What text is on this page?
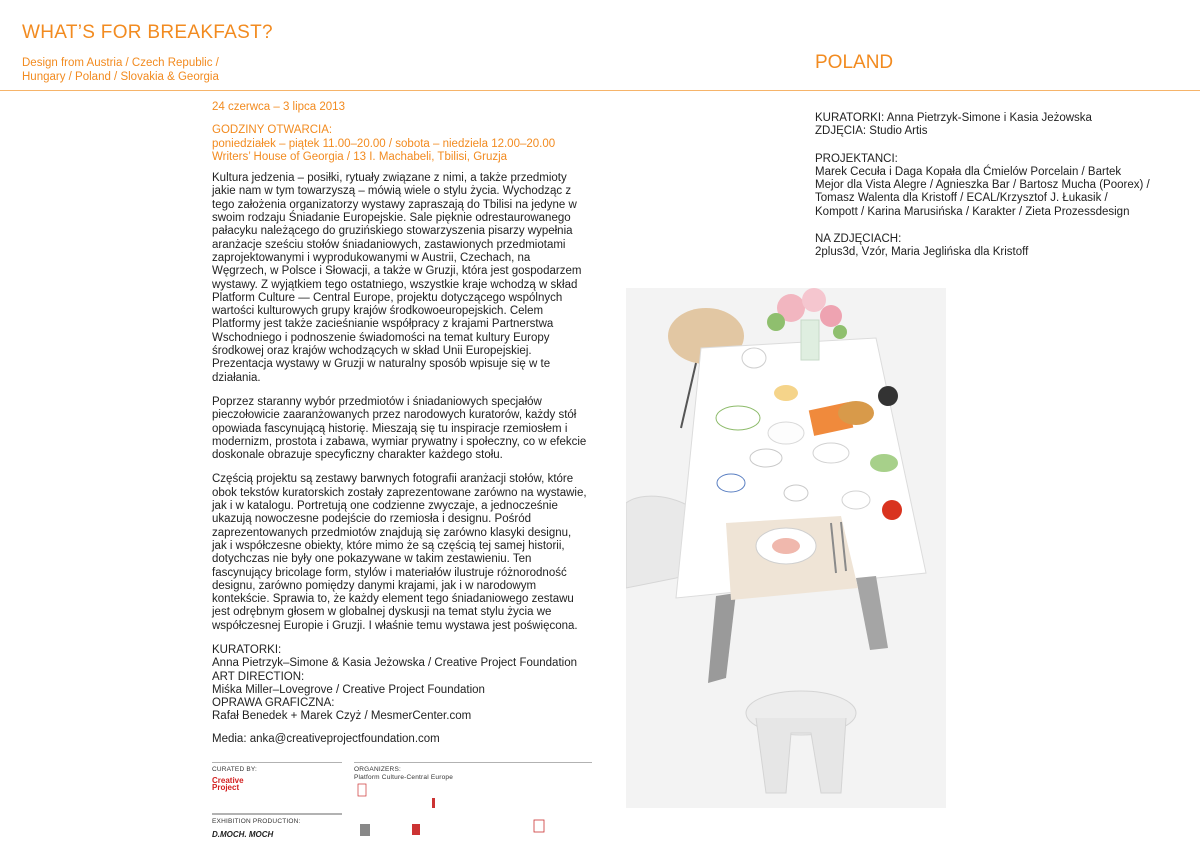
WHAT’S FOR BREAKFAST?
Design from Austria / Czech Republic /
Hungary / Poland / Slovakia & Georgia
POLAND
24 czerwca – 3 lipca 2013
GODZINY OTWARCIA:
poniedziałek – piątek 11.00–20.00 / sobota – niedziela 12.00–20.00
Writers’ House of Georgia / 13 I. Machabeli, Tbilisi, Gruzja

Kultura jedzenia – posiłki, rytuały związane z nimi, a także przedmioty jakie nam w tym towarzyszą – mówią wiele o stylu życia. Wychodząc z tego założenia organizatorzy wystawy zapraszają do Tbilisi na jedyne w swoim rodzaju Śniadanie Europejskie. Sale pięknie odrestaurowanego pałacyku należącego do gruzińskiego stowarzyszenia pisarzy wypełnia aranżacje sześciu stołów śniadaniowych, zastawionych przedmiotami zaprojektowanymi i wyprodukowanymi w Austrii, Czechach, na Węgrzech, w Polsce i Słowacji, a także w Gruzji, która jest gospodarzem wystawy. Z wyjątkiem tego ostatniego, wszystkie kraje wchodzą w skład Platform Culture — Central Europe, projektu dotyczącego wspólnych wartości kulturowych grupy krajów środkowoeuropejskich. Celem Platformy jest także zacieśnianie współpracy z krajami Partnerstwa Wschodniego i podnoszenie świadomości na temat kultury Europy środkowej oraz krajów wchodzących w skład Unii Europejskiej. Prezentacja wystawy w Gruzji w naturalny sposób wpisuje się w te działania.

Poprzez staranny wybór przedmiotów i śniadaniowych specjałów pieczołowicie zaaranżowanych przez narodowych kuratorów, każdy stół opowiada fascynującą historię. Mieszają się tu inspiracje rzemiosłem i modernizm, prostota i zabawa, wymiar prywatny i społeczny, co w efekcie doskonale obrazuje specyficzny charakter każdego stołu.

Częścią projektu są zestawy barwnych fotografii aranżacji stołów, które obok tekstów kuratorskich zostały zaprezentowane zarówno na wystawie, jak i w katalogu. Portretują one codzienne zwyczaje, a jednocześnie ukazują nowoczesne podejście do rzemiosła i designu. Pośród zaprezentowanych przedmiotów znajdują się zarówno klasyki designu, jak i współczesne obiekty, które mimo że są częścią tej samej historii, dotychczas nie były one pokazywane w takim zestawieniu. Ten fascynujący bricolage form, stylów i materiałów ilustruje różnorodność designu, zarówno pomiędzy danymi krajami, jak i w narodowym kontekście. Sprawia to, że każdy element tego śniadaniowego zestawu jest odrębnym głosem w globalnej dyskusji na temat stylu życia we współczesnej Europie i Gruzji. I właśnie temu wystawa jest poświęcona.

KURATORKI:
Anna Pietrzyk–Simone & Kasia Jeżowska / Creative Project Foundation
ART DIRECTION:
Miśka Miller–Lovegrove / Creative Project Foundation
OPRAWA GRAFICZNA:
Rafał Benedek + Marek Czyż / MesmerCenter.com
Media: anka@creativeprojectfoundation.com
KURATORKI: Anna Pietrzyk-Simone i Kasia Jeżowska
ZDJĘCIA: Studio Artis
PROJEKTANCI:
Marek Cecuła i Daga Kopała dla Ćmielów Porcelain / Bartek Mejor dla Vista Alegre / Agnieszka Bar / Bartosz Mucha (Poorex) / Tomasz Walenta dla Kristoff / ECAL/Krzysztof J. Łukasik / Kompott / Karina Marusińska / Karakter / Zieta Prozessdesign
NA ZDJĘCIACH:
2plus3d, Vzór, Maria Jeglińska dla Kristoff
CURATED BY:
Creative
Project
ORGANIZERS:
Platform Culture-Central Europe
EXHIBITION PRODUCTION:
D.MOCH. MOCH
